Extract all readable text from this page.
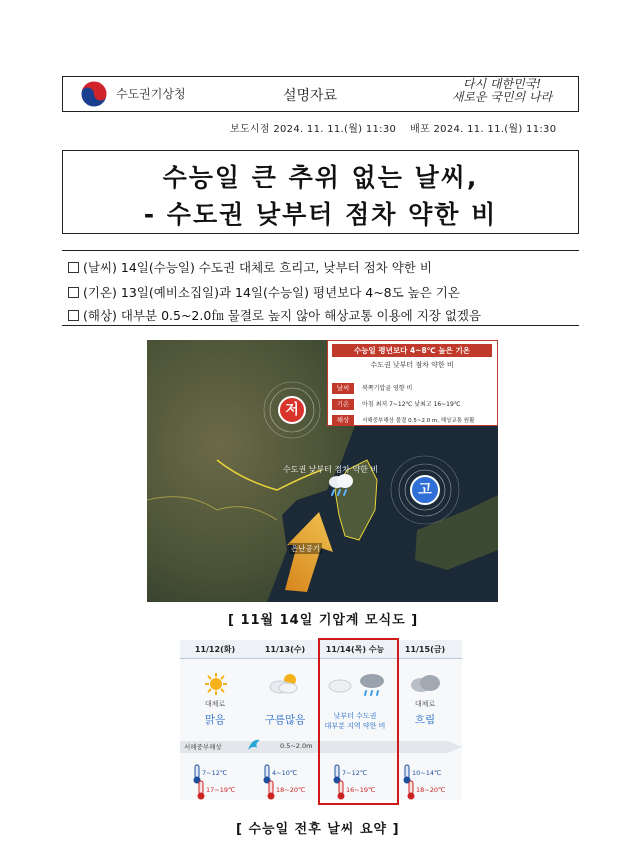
수도권기상청	설명자료
다시 대한민국!
새로운 국민의 나라
보도시점 2024. 11. 11.(월) 11:30 배포 2024. 11. 11.(월) 11:30
수능일 큰 추위 없는 날씨,
- 수도권 낮부터 점차 약한 비
(날씨) 14일(수능일) 수도권 대체로 흐리고, 낮부터 점차 약한 비
(기온) 13일(예비소집일)과 14일(수능일) 평년보다 4~8도 높은 기온
(해상) 대부분 0.5~2.0㎙ 물결로 높지 않아 해상교통 이용에 지장 없겠음
저
고
수도권 낮부터 점차 약한 비
온난공기
수능일 평년보다 4~8℃ 높은 기온
수도권 낮부터 점차 약한 비
날씨 북쪽기압골 영향 비
기온 아침 최저 7~12℃ 낮최고 16~19℃
해상 서해중부해상 물결 0.5~2.0 m, 해상교통 원활
[ 11월 14일 기압계 모식도 ]
서해중부해상	0.5~2.0m
11/12(화)
대체로
맑음
7~12℃
17~19℃
11/13(수)
구름많음
4~10℃
18~20℃
11/14(목) 수능
낮부터 수도권
대부분 지역 약한 비
7~12℃
16~19℃
11/15(금)
대체로
흐림
10~14℃
18~20℃
[ 수능일 전후 날씨 요약 ]
